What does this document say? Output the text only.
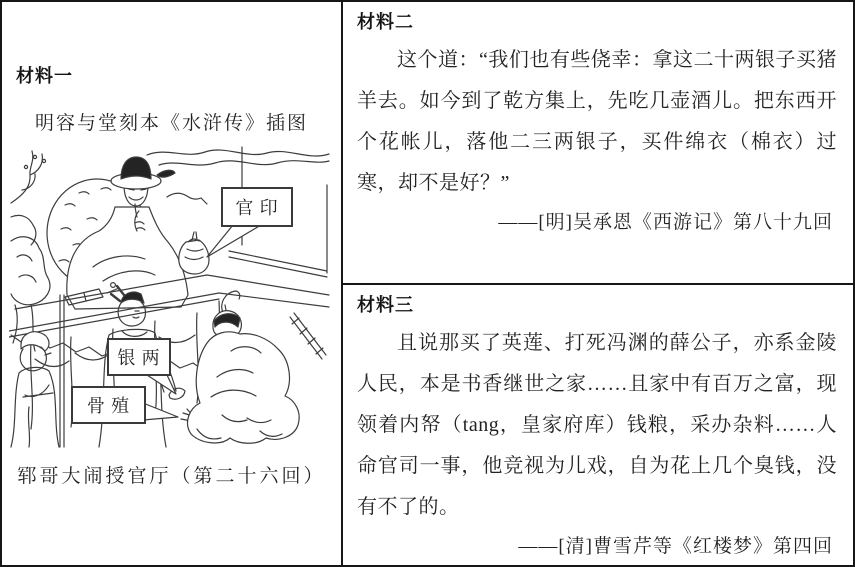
材料一
明容与堂刻本《水浒传》插图
官印
银两
骨殖
郓哥大闹授官厅（第二十六回）
材料二

这个道：“我们也有些侥幸：拿这二十两银子买猪羊去。如今到了乾方集上，先吃几壶酒儿。把东西开个花帐儿，落他二三两银子，买件绵衣（棉衣）过寒，却不是好？”

——[明]吴承恩《西游记》第八十九回
材料三

且说那买了英莲、打死冯渊的薛公子，亦系金陵人民，本是书香继世之家……且家中有百万之富，现领着内帑（tang，皇家府库）钱粮，采办杂料……人命官司一事，他竞视为儿戏，自为花上几个臭钱，没有不了的。

——[清]曹雪芹等《红楼梦》第四回
